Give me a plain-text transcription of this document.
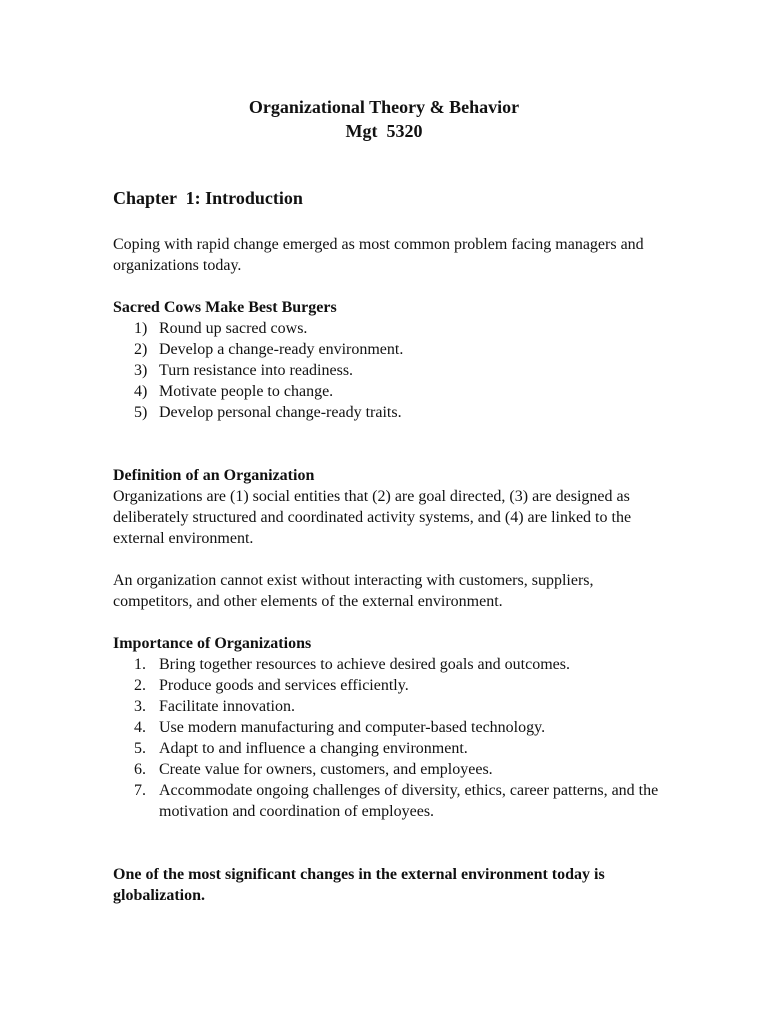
Organizational Theory & Behavior
Mgt  5320
Chapter  1: Introduction

Coping with rapid change emerged as most common problem facing managers and organizations today.

Sacred Cows Make Best Burgers
1) Round up sacred cows.
2) Develop a change-ready environment.
3) Turn resistance into readiness.
4) Motivate people to change.
5) Develop personal change-ready traits.
Definition of an Organization

Organizations are (1) social entities that (2) are goal directed, (3) are designed as deliberately structured and coordinated activity systems, and (4) are linked to the external environment.

An organization cannot exist without interacting with customers, suppliers, competitors, and other elements of the external environment.

Importance of Organizations
1. Bring together resources to achieve desired goals and outcomes.
2. Produce goods and services efficiently.
3. Facilitate innovation.
4. Use modern manufacturing and computer-based technology.
5. Adapt to and influence a changing environment.
6. Create value for owners, customers, and employees.
7. Accommodate ongoing challenges of diversity, ethics, career patterns, and the motivation and coordination of employees.

One of the most significant changes in the external environment today is globalization.
